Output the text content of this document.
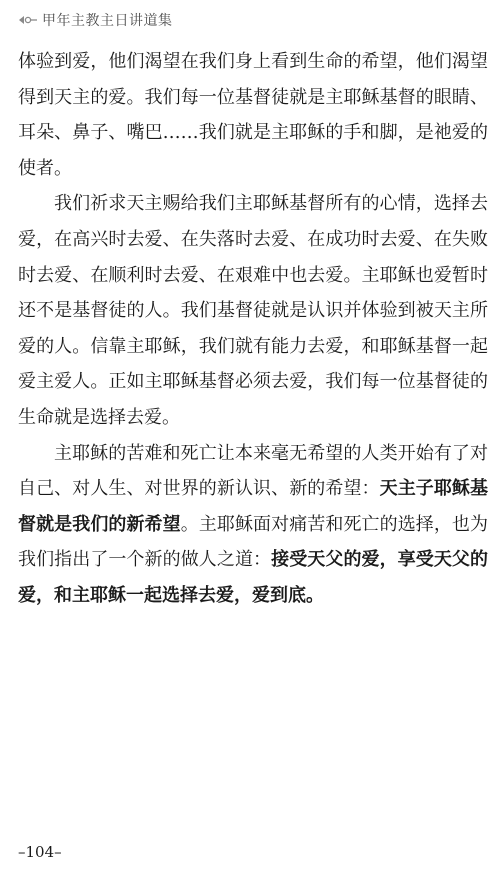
甲年主教主日讲道集

体验到爱，他们渴望在我们身上看到生命的希望，他们渴望得到天主的爱。我们每一位基督徒就是主耶稣基督的眼睛、耳朵、鼻子、嘴巴……我们就是主耶稣的手和脚，是祂爱的使者。

我们祈求天主赐给我们主耶稣基督所有的心情，选择去爱，在高兴时去爱、在失落时去爱、在成功时去爱、在失败时去爱、在顺利时去爱、在艰难中也去爱。主耶稣也爱暂时还不是基督徒的人。我们基督徒就是认识并体验到被天主所爱的人。信靠主耶稣，我们就有能力去爱，和耶稣基督一起爱主爱人。正如主耶稣基督必须去爱，我们每一位基督徒的生命就是选择去爱。

主耶稣的苦难和死亡让本来毫无希望的人类开始有了对自己、对人生、对世界的新认识、新的希望：天主子耶稣基督就是我们的新希望。主耶稣面对痛苦和死亡的选择，也为我们指出了一个新的做人之道：接受天父的爱，享受天父的爱，和主耶稣一起选择去爱，爱到底。

–104–
